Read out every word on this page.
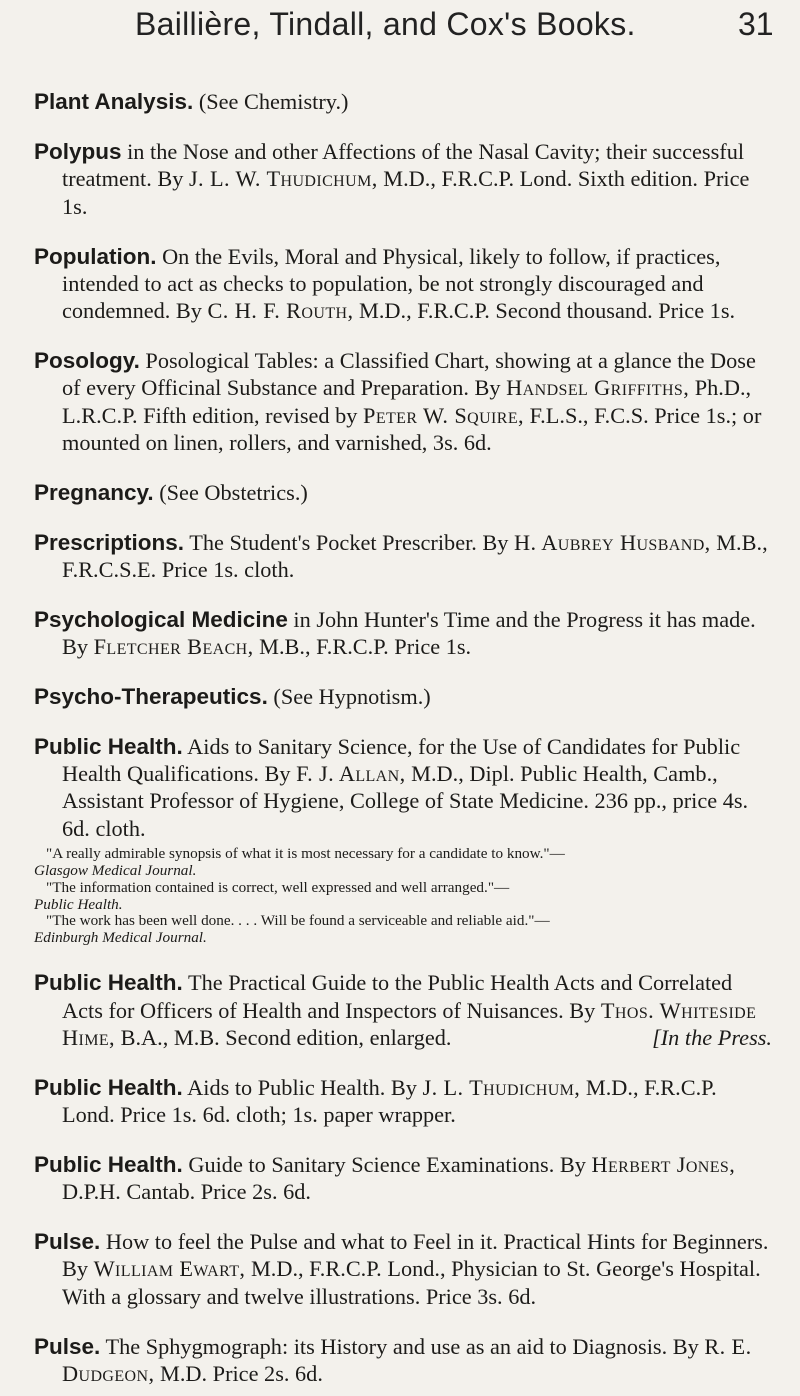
Baillière, Tindall, and Cox's Books.	31

Plant Analysis. (See Chemistry.)

Polypus in the Nose and other Affections of the Nasal Cavity; their successful treatment. By J. L. W. Thudichum, M.D., F.R.C.P. Lond. Sixth edition. Price 1s.

Population. On the Evils, Moral and Physical, likely to follow, if practices, intended to act as checks to population, be not strongly discouraged and condemned. By C. H. F. Routh, M.D., F.R.C.P. Second thousand. Price 1s.

Posology. Posological Tables: a Classified Chart, showing at a glance the Dose of every Officinal Substance and Preparation. By Handsel Griffiths, Ph.D., L.R.C.P. Fifth edition, revised by Peter W. Squire, F.L.S., F.C.S. Price 1s.; or mounted on linen, rollers, and varnished, 3s. 6d.

Pregnancy. (See Obstetrics.)

Prescriptions. The Student's Pocket Prescriber. By H. Aubrey Husband, M.B., F.R.C.S.E. Price 1s. cloth.

Psychological Medicine in John Hunter's Time and the Progress it has made. By Fletcher Beach, M.B., F.R.C.P. Price 1s.

Psycho-Therapeutics. (See Hypnotism.)

Public Health. Aids to Sanitary Science, for the Use of Candidates for Public Health Qualifications. By F. J. Allan, M.D., Dipl. Public Health, Camb., Assistant Professor of Hygiene, College of State Medicine. 236 pp., price 4s. 6d. cloth.

"A really admirable synopsis of what it is most necessary for a candidate to know."—
Glasgow Medical Journal.
"The information contained is correct, well expressed and well arranged."—
Public Health.
"The work has been well done. . . . Will be found a serviceable and reliable aid."—
Edinburgh Medical Journal.

Public Health. The Practical Guide to the Public Health Acts and Correlated Acts for Officers of Health and Inspectors of Nuisances. By Thos. Whiteside Hime, B.A., M.B. Second edition, enlarged.	[In the Press.

Public Health. Aids to Public Health. By J. L. Thudichum, M.D., F.R.C.P. Lond. Price 1s. 6d. cloth; 1s. paper wrapper.

Public Health. Guide to Sanitary Science Examinations. By Herbert Jones, D.P.H. Cantab. Price 2s. 6d.

Pulse. How to feel the Pulse and what to Feel in it. Practical Hints for Beginners. By William Ewart, M.D., F.R.C.P. Lond., Physician to St. George's Hospital. With a glossary and twelve illustrations. Price 3s. 6d.

Pulse. The Sphygmograph: its History and use as an aid to Diagnosis. By R. E. Dudgeon, M.D. Price 2s. 6d.
